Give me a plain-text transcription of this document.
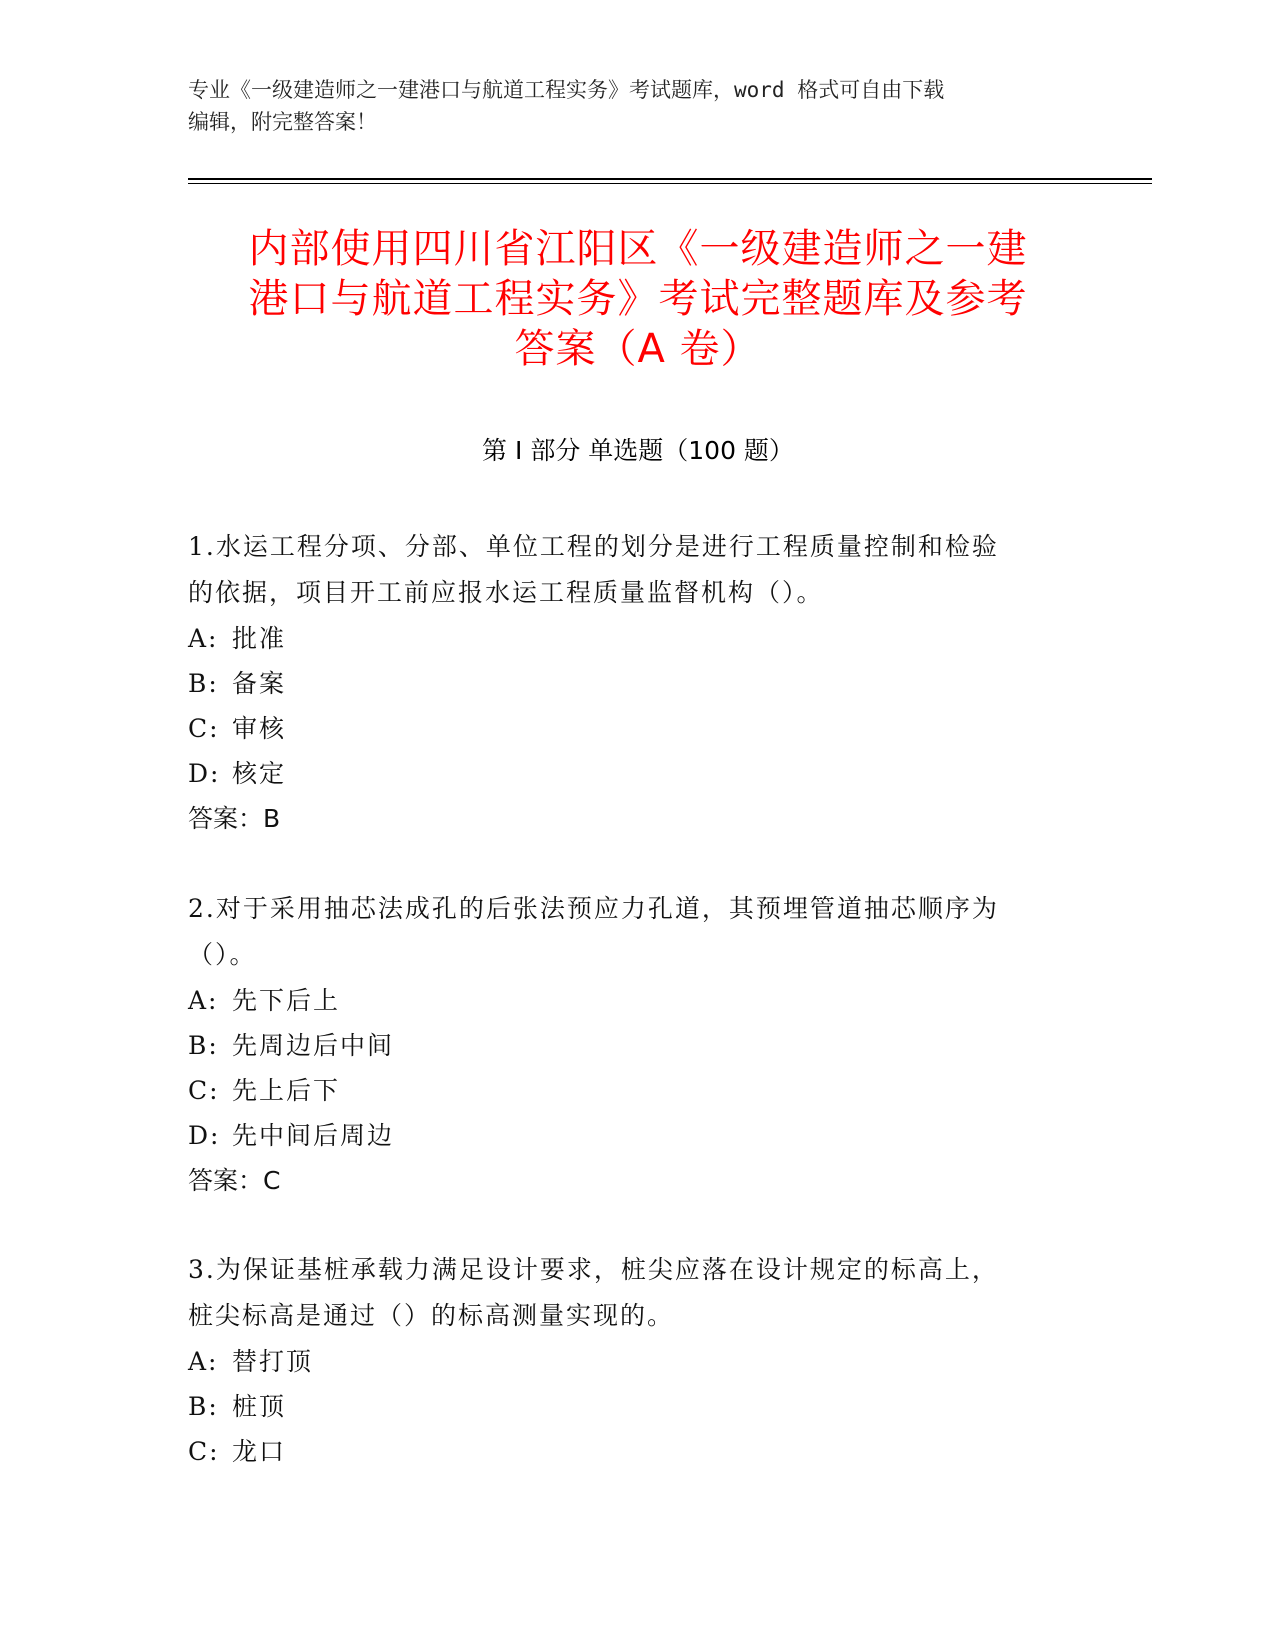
专业《一级建造师之一建港口与航道工程实务》考试题库，word 格式可自由下载
编辑，附完整答案！
内部使用四川省江阳区《一级建造师之一建
港口与航道工程实务》考试完整题库及参考
答案（A 卷）
第 I 部分 单选题（100 题）
1.水运工程分项、分部、单位工程的划分是进行工程质量控制和检验
的依据，项目开工前应报水运工程质量监督机构（）。
A: 批准
B: 备案
C: 审核
D: 核定
答案：B
2.对于采用抽芯法成孔的后张法预应力孔道，其预埋管道抽芯顺序为
（）。
A: 先下后上
B: 先周边后中间
C: 先上后下
D: 先中间后周边
答案：C
3.为保证基桩承载力满足设计要求，桩尖应落在设计规定的标高上，
桩尖标高是通过（）的标高测量实现的。
A: 替打顶
B: 桩顶
C: 龙口
